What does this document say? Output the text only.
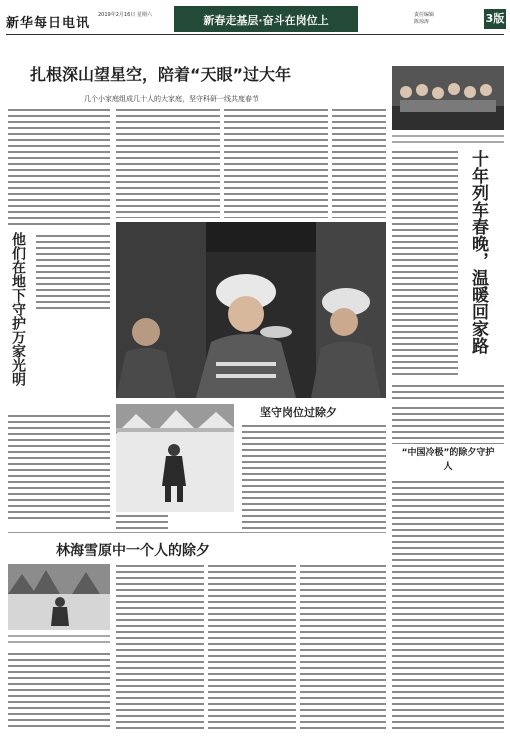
新华每日电讯
2019年2月16日 星期六	新春走基层·奋斗在岗位上	责任编辑
陈琼涛	3版
扎根深山望星空，陪着“天眼”过大年
几个小家庭组成几十人的大家庭，坚守科研一线共度春节
他们在地下守护万家光明	十年列车春晚，温暖回家路
坚守岗位过除夕
“中国冷极”的除夕守护人
林海雪原中一个人的除夕
